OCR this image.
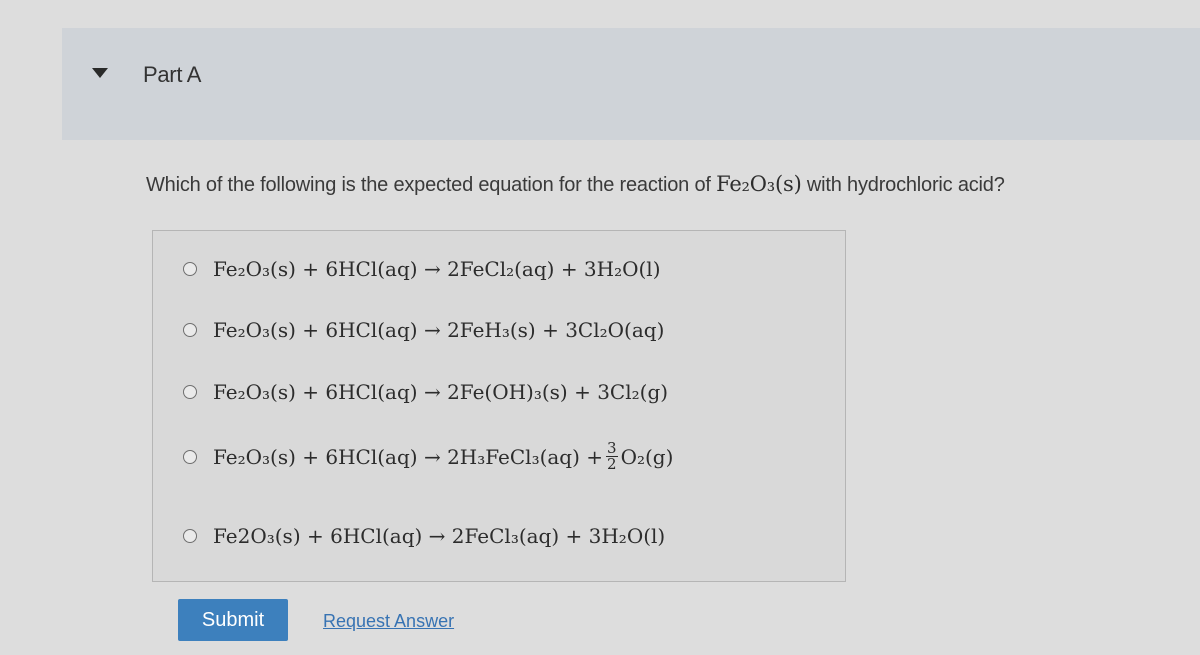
Part A
Which of the following is the expected equation for the reaction of Fe₂O₃(s) with hydrochloric acid?
Fe₂O₃(s) + 6HCl(aq) → 2FeCl₂(aq) + 3H₂O(l)
Fe₂O₃(s) + 6HCl(aq) → 2FeH₃(s) + 3Cl₂O(aq)
Fe₂O₃(s) + 6HCl(aq) → 2Fe(OH)₃(s) + 3Cl₂(g)
Fe₂O₃(s) + 6HCl(aq) → 2H₃FeCl₃(aq) + $\frac{3}{2} O_2(g)$
Fe2O₃(s) + 6HCl(aq) → 2FeCl₃(aq) + 3H₂O(l)
Submit	Request Answer
